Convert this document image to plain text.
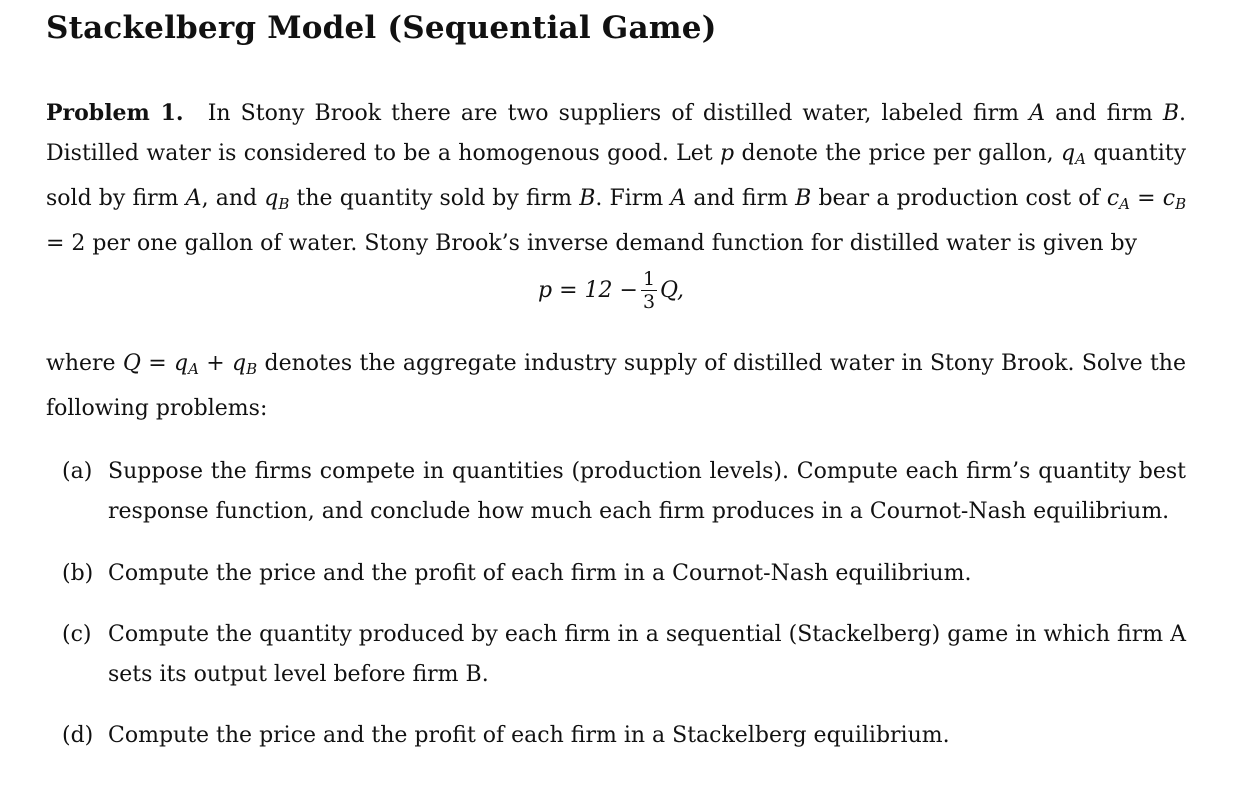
Stackelberg Model (Sequential Game)

Problem 1. In Stony Brook there are two suppliers of distilled water, labeled firm A and firm B. Distilled water is considered to be a homogenous good. Let p denote the price per gallon, $q_A$ quantity sold by firm A, and $q_B$ the quantity sold by firm B. Firm A and firm B bear a production cost of $c_A = c_B = 2$ per one gallon of water. Stony Brook’s inverse demand function for distilled water is given by

$p = 12 - \frac{1}{3} Q$,

where $Q = q_A + q_B$ denotes the aggregate industry supply of distilled water in Stony Brook. Solve the following problems:

(a) Suppose the firms compete in quantities (production levels). Compute each firm’s quantity best response function, and conclude how much each firm produces in a Cournot-Nash equilibrium.
(b) Compute the price and the profit of each firm in a Cournot-Nash equilibrium.
(c) Compute the quantity produced by each firm in a sequential (Stackelberg) game in which firm A sets its output level before firm B.
(d) Compute the price and the profit of each firm in a Stackelberg equilibrium.
